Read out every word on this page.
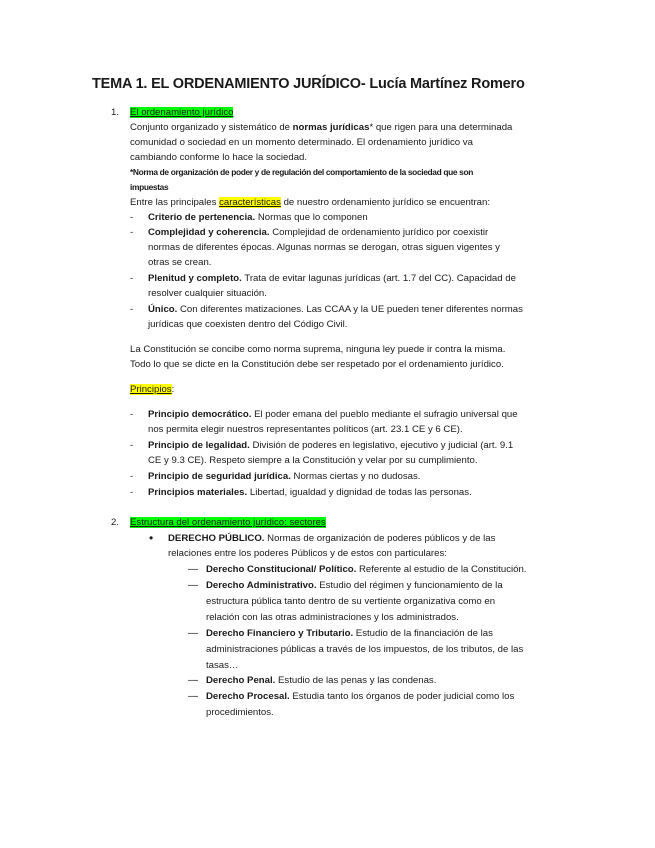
TEMA 1. EL ORDENAMIENTO JURÍDICO- Lucía Martínez Romero
1. El ordenamiento jurídico
Conjunto organizado y sistemático de normas jurídicas* que rigen para una determinada
comunidad o sociedad en un momento determinado. El ordenamiento jurídico va
cambiando conforme lo hace la sociedad.
*Norma de organización de poder y de regulación del comportamiento de la sociedad que son
impuestas
Entre las principales características de nuestro ordenamiento jurídico se encuentran:
- Criterio de pertenencia. Normas que lo componen
- Complejidad y coherencia. Complejidad de ordenamiento jurídico por coexistir
normas de diferentes épocas. Algunas normas se derogan, otras siguen vigentes y
otras se crean.
- Plenitud y completo. Trata de evitar lagunas jurídicas (art. 1.7 del CC). Capacidad de
resolver cualquier situación.
- Único. Con diferentes matizaciones. Las CCAA y la UE pueden tener diferentes normas
jurídicas que coexisten dentro del Código Civil.
La Constitución se concibe como norma suprema, ninguna ley puede ir contra la misma.
Todo lo que se dicte en la Constitución debe ser respetado por el ordenamiento jurídico.
Principios:
- Principio democrático. El poder emana del pueblo mediante el sufragio universal que
nos permita elegir nuestros representantes políticos (art. 23.1 CE y 6 CE).
- Principio de legalidad. División de poderes en legislativo, ejecutivo y judicial (art. 9.1
CE y 9.3 CE). Respeto siempre a la Constitución y velar por su cumplimiento.
- Principio de seguridad jurídica. Normas ciertas y no dudosas.
- Principios materiales. Libertad, igualdad y dignidad de todas las personas.
2. Estructura del ordenamiento jurídico: sectores
• DERECHO PÚBLICO. Normas de organización de poderes públicos y de las
relaciones entre los poderes Públicos y de estos con particulares:
— Derecho Constitucional/ Político. Referente al estudio de la Constitución.
— Derecho Administrativo. Estudio del régimen y funcionamiento de la
estructura pública tanto dentro de su vertiente organizativa como en
relación con las otras administraciones y los administrados.
— Derecho Financiero y Tributario. Estudio de la financiación de las
administraciones públicas a través de los impuestos, de los tributos, de las
tasas…
— Derecho Penal. Estudio de las penas y las condenas.
— Derecho Procesal. Estudia tanto los órganos de poder judicial como los
procedimientos.
